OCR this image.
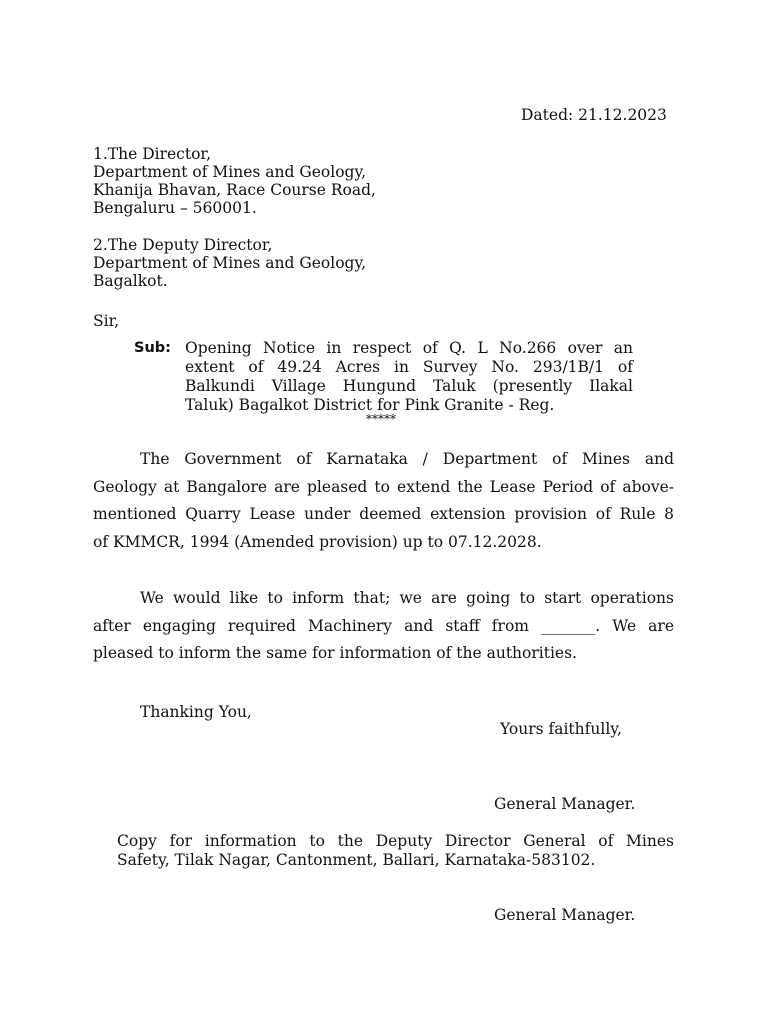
Dated: 21.12.2023
1.The Director,
Department of Mines and Geology,
Khanija Bhavan, Race Course Road,
Bengaluru – 560001.
2.The Deputy Director,
Department of Mines and Geology,
Bagalkot.
Sir,
Sub: Opening Notice in respect of Q. L No.266 over an
extent of 49.24 Acres in Survey No. 293/1B/1 of
Balkundi Village Hungund Taluk (presently Ilakal
Taluk) Bagalkot District for Pink Granite - Reg.
*****
The Government of Karnataka / Department of Mines and
Geology at Bangalore are pleased to extend the Lease Period of above-
mentioned Quarry Lease under deemed extension provision of Rule 8
of KMMCR, 1994 (Amended provision) up to 07.12.2028.
We would like to inform that; we are going to start operations
after engaging required Machinery and staff from _______. We are
pleased to inform the same for information of the authorities.
Thanking You,
Yours faithfully,
General Manager.
Copy for information to the Deputy Director General of Mines
Safety, Tilak Nagar, Cantonment, Ballari, Karnataka-583102.
General Manager.
